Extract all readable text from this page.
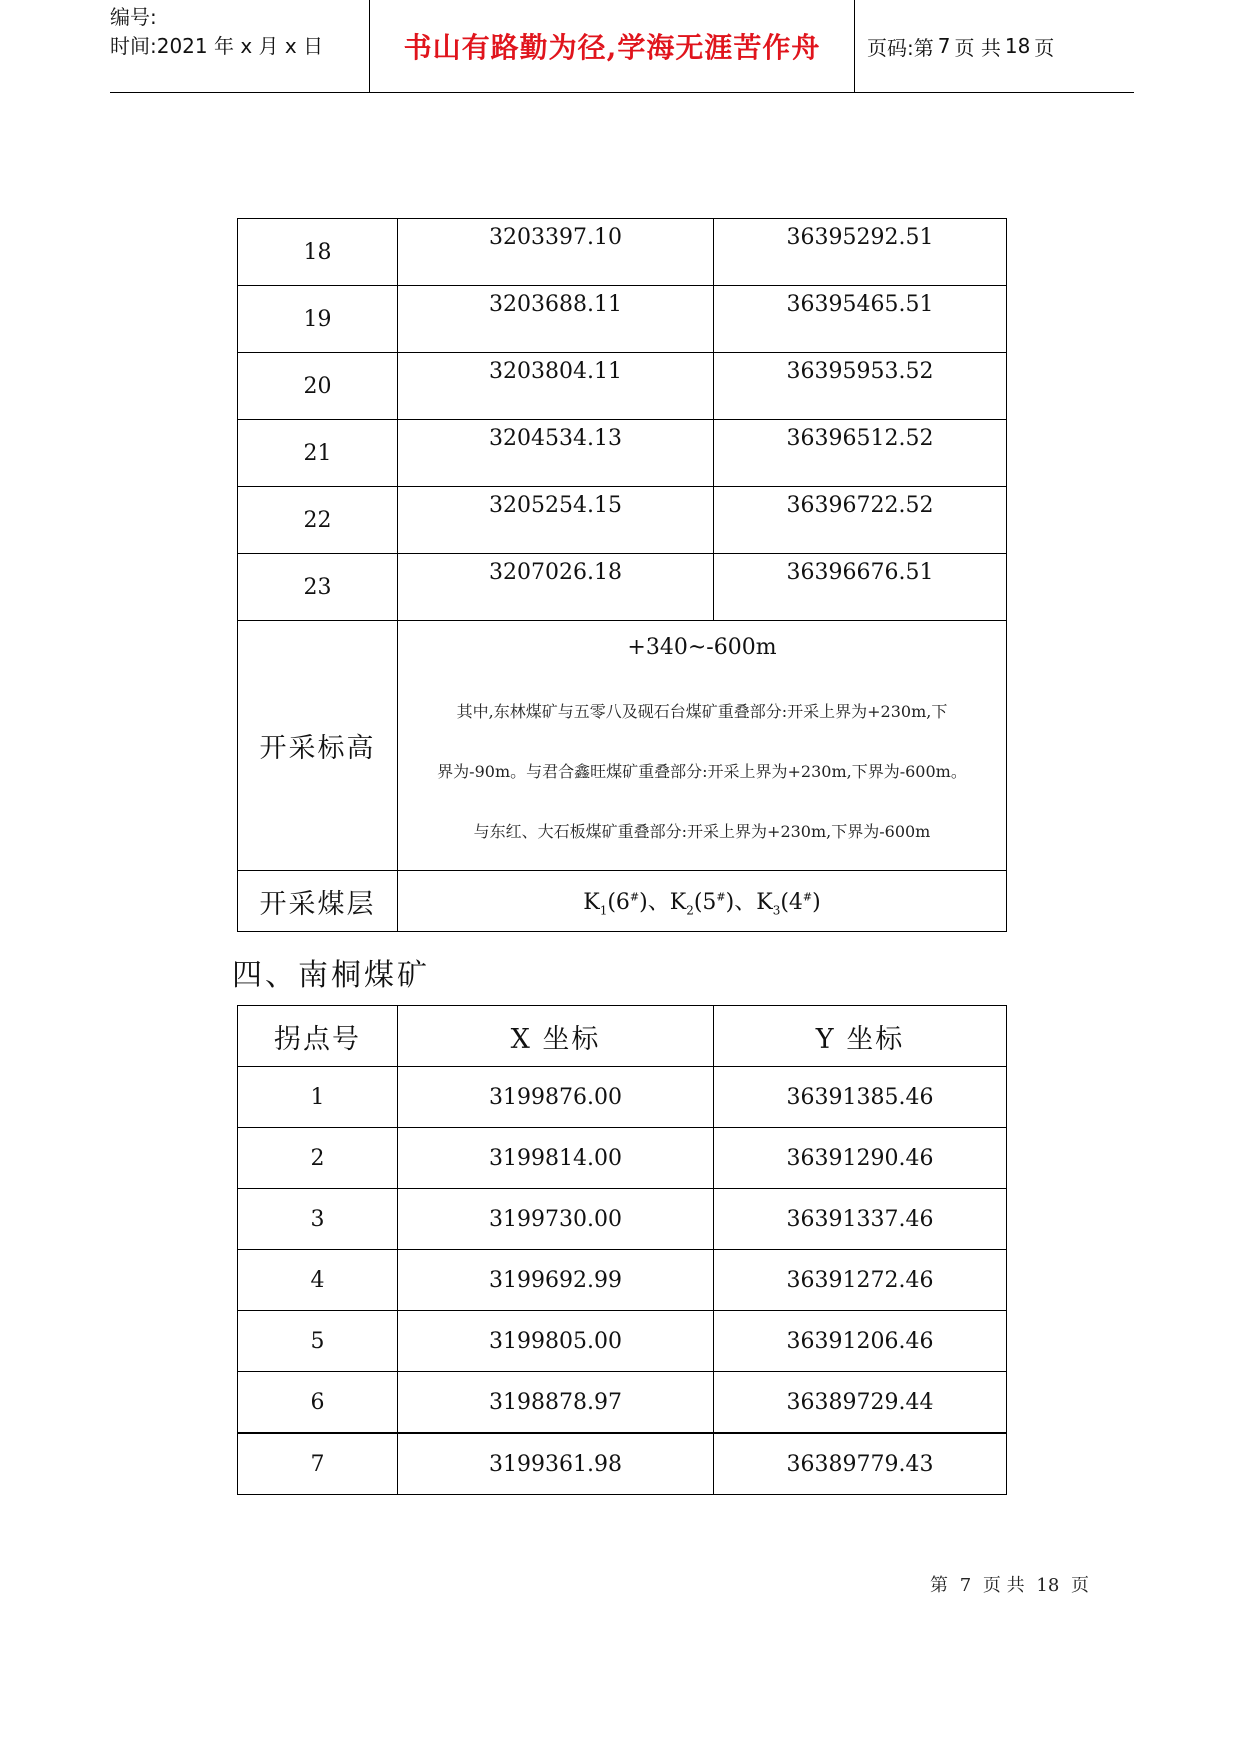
编号:
时间:2021 年 x 月 x 日	书山有路勤为径,学海无涯苦作舟	页码:第 7 页 共 18 页
18	3203397.10	36395292.51
19	3203688.11	36395465.51
20	3203804.11	36395953.52
21	3204534.13	36396512.52
22	3205254.15	36396722.52
23	3207026.18	36396676.51
开采标高	+340~-600m
其中,东林煤矿与五零八及砚石台煤矿重叠部分:开采上界为+230m,下
界为-90m。与君合鑫旺煤矿重叠部分:开采上界为+230m,下界为-600m。
与东红、大石板煤矿重叠部分:开采上界为+230m,下界为-600m	

开采煤层	$K_1(6^{\#})$、$K_2(5^{\#})$、$K_3(4^{\#})$	
四、南桐煤矿
拐点号	X 坐标	Y 坐标
1	3199876.00	36391385.46
2	3199814.00	36391290.46
3	3199730.00	36391337.46
4	3199692.99	36391272.46
5	3199805.00	36391206.46
6	3198878.97	36389729.44
7	3199361.98	36389779.43
第 7 页 共 18 页
